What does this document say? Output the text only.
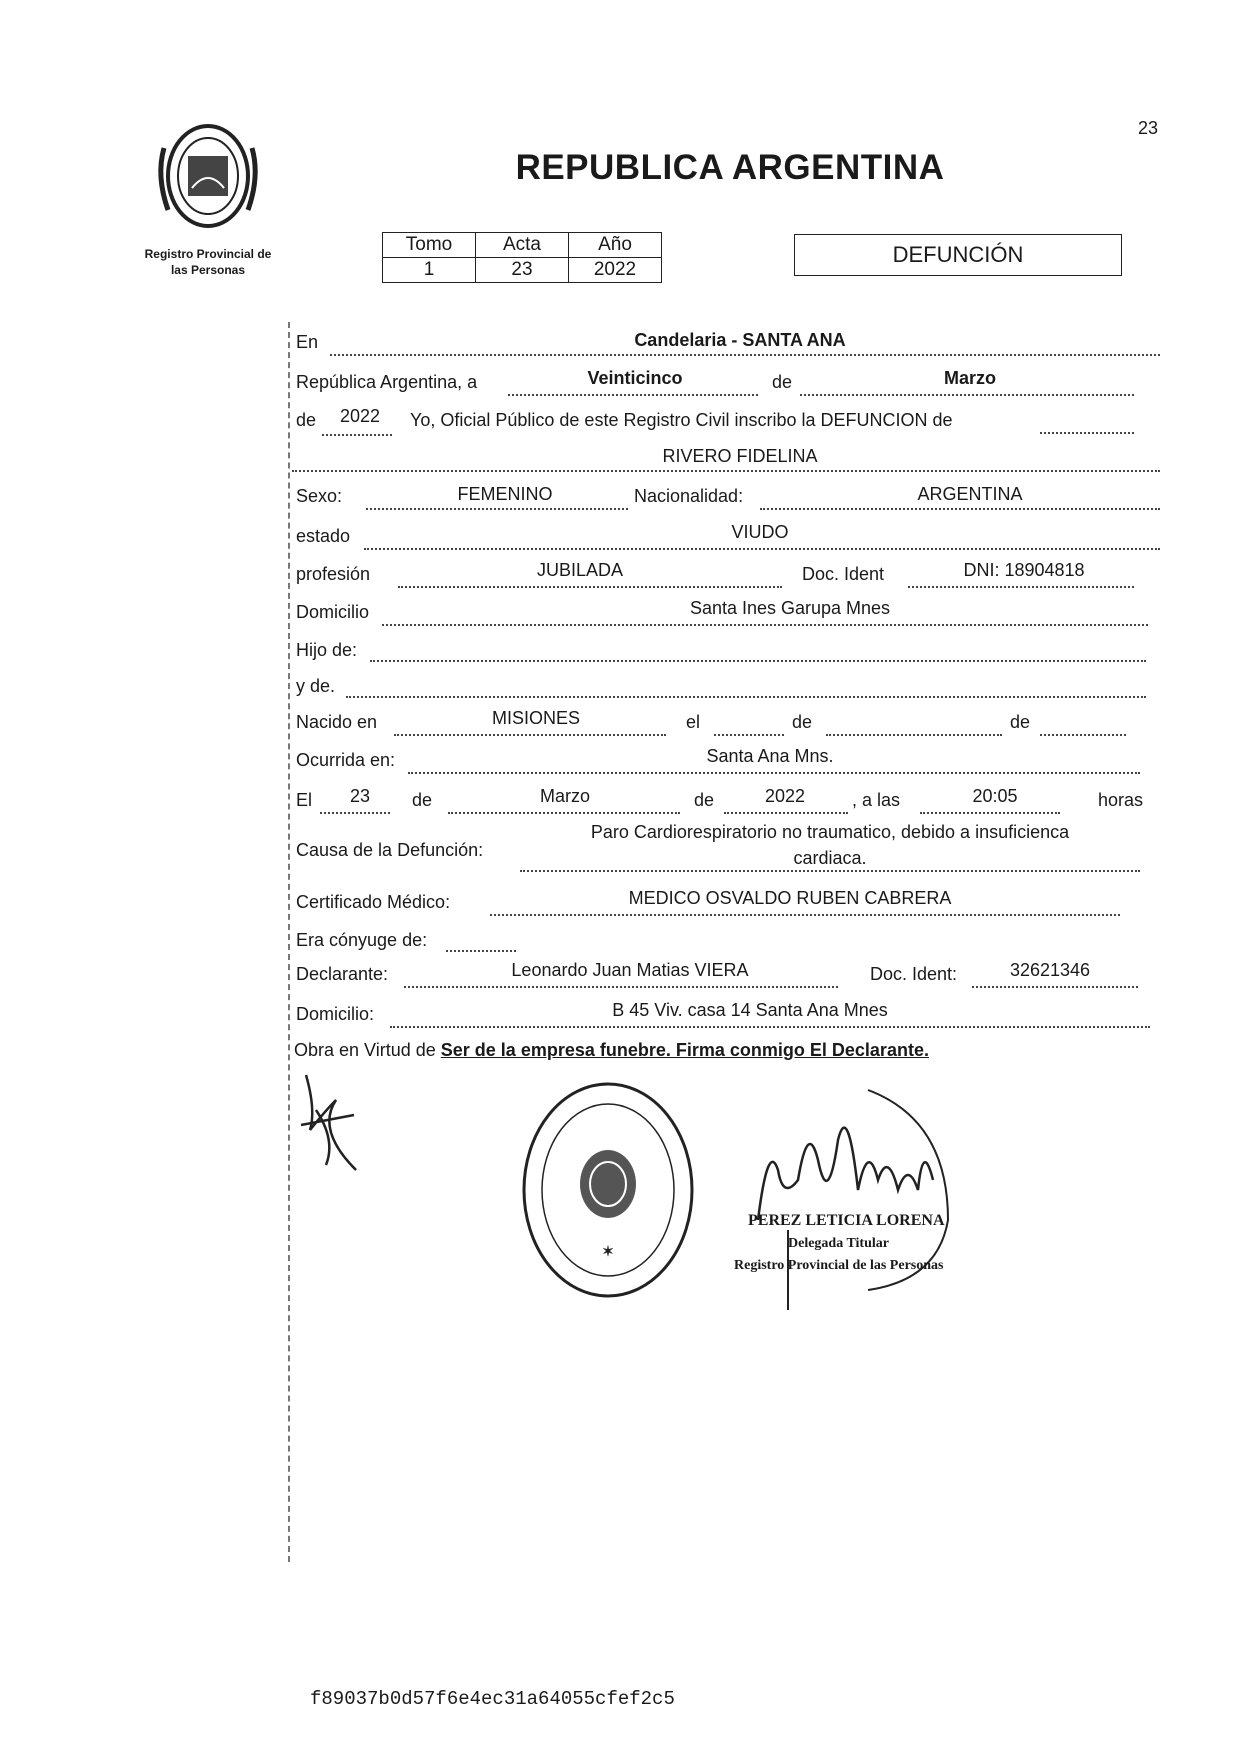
23
Registro Provincial de
las Personas
REPUBLICA ARGENTINA
Tomo	Acta	Año
1	23	2022
DEFUNCIÓN
En	Candelaria - SANTA ANA
República Argentina, a	Veinticinco	de	Marzo
de	2022	Yo, Oficial Público de este Registro Civil inscribo la DEFUNCION de
RIVERO FIDELINA
Sexo:	FEMENINO	Nacionalidad:	ARGENTINA
estado	VIUDO
profesión	JUBILADA	Doc. Ident	DNI: 18904818
Domicilio	Santa Ines Garupa Mnes
Hijo de:
y de.
Nacido en	MISIONES	el	de	de
Ocurrida en:	Santa Ana Mns.
El	23	de	Marzo	de	2022	, a las	20:05	horas
Causa de la Defunción:
Paro Cardiorespiratorio no traumatico, debido a insuficienca
cardiaca.
Certificado Médico:	MEDICO OSVALDO RUBEN CABRERA
Era cónyuge de:
Declarante:	Leonardo Juan Matias VIERA	Doc. Ident:	32621346
Domicilio:	B 45 Viv. casa 14 Santa Ana Mnes
Obra en Virtud de Ser de la empresa funebre. Firma conmigo El Declarante.
✶
PEREZ LETICIA LORENA
Delegada Titular
Registro Provincial de las Personas
f89037b0d57f6e4ec31a64055cfef2c5
